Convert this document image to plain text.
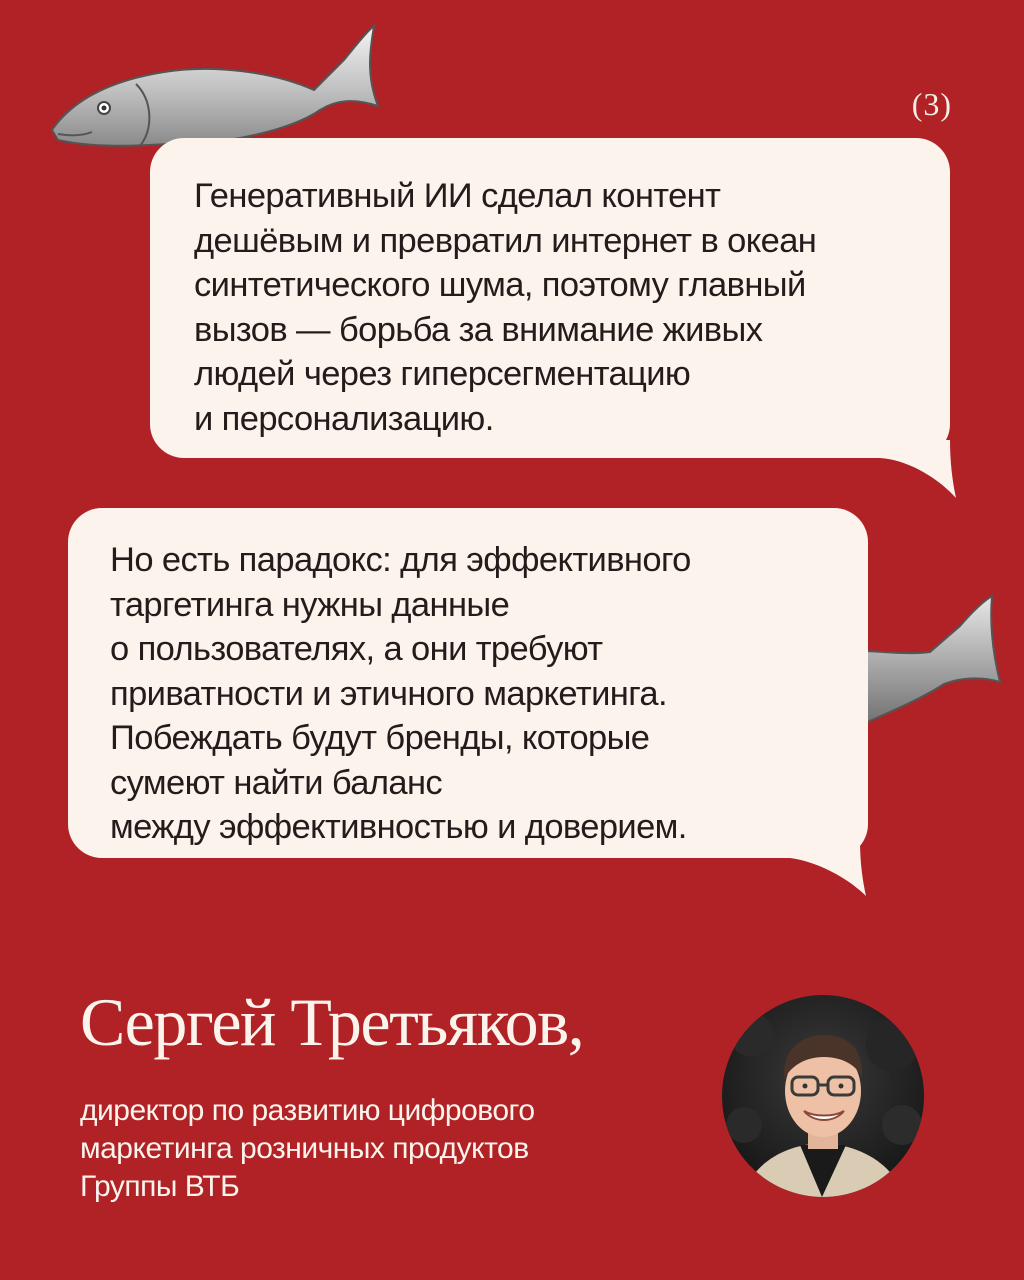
(3)

Генеративный ИИ сделал контент
дешёвым и превратил интернет в океан
синтетического шума, поэтому главный
вызов — борьба за внимание живых
людей через гиперсегментацию
и персонализацию.

Но есть парадокс: для эффективного
таргетинга нужны данные
о пользователях, а они требуют
приватности и этичного маркетинга.
Побеждать будут бренды, которые
сумеют найти баланс
между эффективностью и доверием.

Сергей Третьяков,
директор по развитию цифрового
маркетинга розничных продуктов
Группы ВТБ
